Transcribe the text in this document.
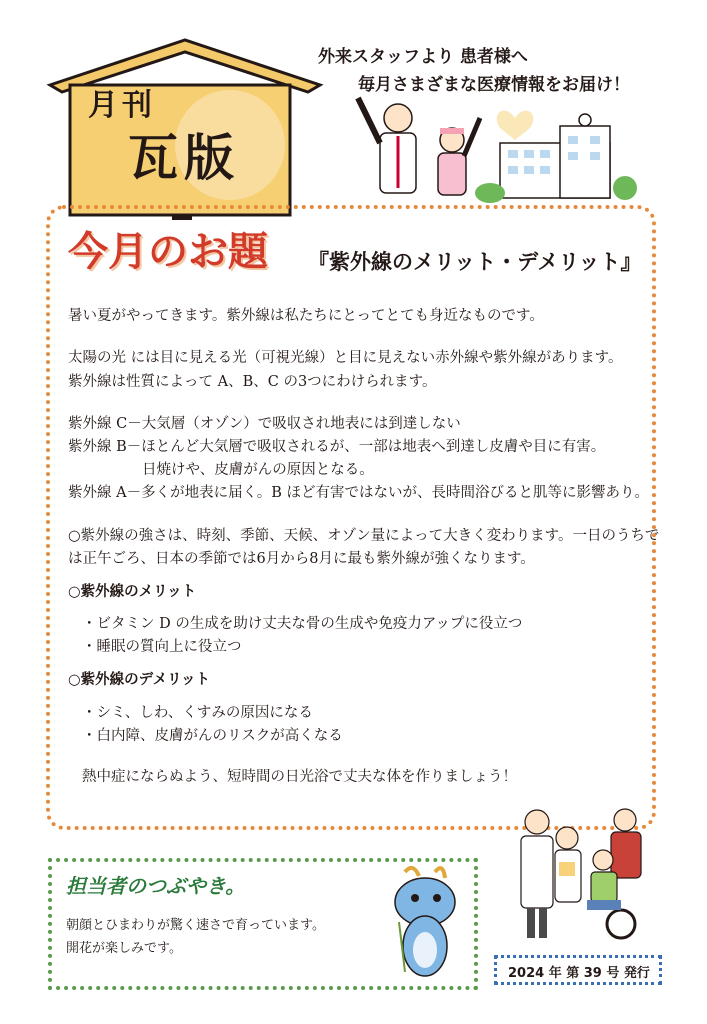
月刊
瓦版
外来スタッフより 患者様へ
毎月さまざまな医療情報をお届け！
今月のお題 『紫外線のメリット・デメリット』
暑い夏がやってきます。紫外線は私たちにとってとても身近なものです。
太陽の光 には目に見える光（可視光線）と目に見えない赤外線や紫外線があります。
紫外線は性質によって A、B、C の3つにわけられます。
紫外線 C－大気層（オゾン）で吸収され地表には到達しない
紫外線 B－ほとんど大気層で吸収されるが、一部は地表へ到達し皮膚や目に有害。
日焼けや、皮膚がんの原因となる。
紫外線 A－多くが地表に届く。B ほど有害ではないが、長時間浴びると肌等に影響あり。
○紫外線の強さは、時刻、季節、天候、オゾン量によって大きく変わります。一日のうちで
は正午ごろ、日本の季節では6月から8月に最も紫外線が強くなります。
○紫外線のメリット
・ビタミン D の生成を助け丈夫な骨の生成や免疫力アップに役立つ
・睡眠の質向上に役立つ
○紫外線のデメリット
・シミ、しわ、くすみの原因になる
・白内障、皮膚がんのリスクが高くなる
熱中症にならぬよう、短時間の日光浴で丈夫な体を作りましょう！
担当者のつぶやき。
朝顔とひまわりが驚く速さで育っています。
開花が楽しみです。
2024 年 第 39 号 発行
